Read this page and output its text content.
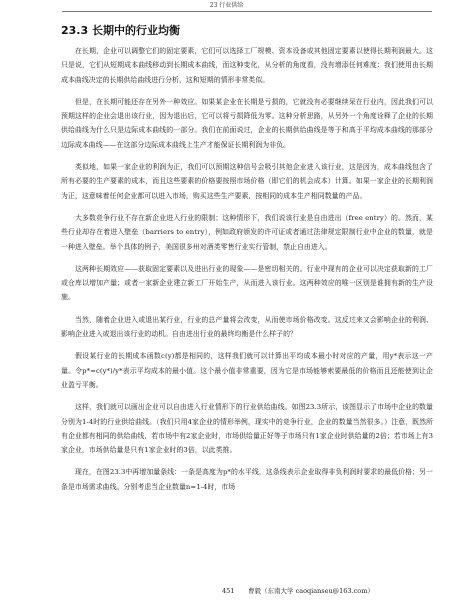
23 行业供给
23.3 长期中的行业均衡

在长期，企业可以调整它们的固定要素，它们可以选择工厂规模、资本设备或其他固定要素以使得长期利润最大。这只是说，它们从短期成本曲线移动到长期成本曲线，而这种变化，从分析的角度看，没有增添任何难度：我们使用由长期成本曲线决定的长期供给曲线进行分析，这和短期的情形非常类似。

但是，在长期可能还存在另外一种效应。如果某企业在长期是亏损的，它就没有必要继续呆在行业内，因此我们可以预期这样的企业会退出该行业，因为退出后，它可以将亏损降低为零。这种分析思路，从另外一个角度诠释了企业的长期供给曲线为什么只是边际成本曲线的一部分。我们在前面说过，企业的长期供给曲线是等于和高于平均成本曲线的那部分边际成本曲线——在这部分边际成本曲线上生产才能保证长期利润为非负。

类似地，如果一家企业的利润为正，我们可以预期这种信号会吸引其他企业进入该行业，这是因为，成本曲线包含了所有必要的生产要素的成本，而且这些要素的价格要按照市场价格（即它们的机会成本）计算。如果一家企业的长期利润为正，这意味着任何企业都可以进入市场，购买这些生产要素，按相同的成本生产相同数量的产品。

大多数竞争行业不存在新企业进入行业的限制；这种情形下，我们说该行业是自由进出（free entry）的。然而，某些行业却存在着进入壁垒（barriers to entry），例如政府颁发的许可证或者通过法律规定限制行业中企业的数量，就是一种进入壁垒。举个具体的例子，美国很多州对酒类零售行业实行管制，禁止自由进入。

这两种长期效应——获取固定要素以及进出行业的现象——是密切相关的。行业中现有的企业可以决定获取新的工厂或仓库以增加产量；或者一家新企业建立新工厂开始生产，从而进入该行业。这两种效应的唯一区别是谁拥有新的生产设施。

当然，随着企业进入或退出某行业，行业的总产量将会改变，从而使市场价格改变。这反过来又会影响企业的利润、影响企业进入或退出该行业的动机。自由进出行业的最终均衡是什么样子的？

假设某行业的长期成本函数c(y)都是相同的，这样我们就可以计算出平均成本最小时对应的产量，用y*表示这一产量。令p*=c(y*)/y*表示平均成本的最小值。这个最小值非常重要，因为它是市场能够索要最低的价格而且还能使到让企业盈亏平衡。

这样，我们就可以画出企业可以自由进入行业情形下的行业供给曲线。如图23.3所示，该图显示了市场中企业的数量分别为1-4时的行业供给曲线。（我们只用4家企业的情形举例，现实中的竞争行业，企业的数量当然很多。）注意，既然所有企业都有相同的供给曲线，若市场中有2家企业时，市场供给量正好等于市场只有1家企业时供给量的2倍；若市场上有3家企业，市场供给量是只有1家企业时的3倍，以此类推。

现在，在图23.3中再增加量条线：一条是高度为p*的水平线，这条线表示企业取得非负利润时要求的最低价格；另一条是市场需求曲线。分别考虑当企业数量n=1-4时，市场

451 曹毅（东南大学 caoqianseu@163.com）
